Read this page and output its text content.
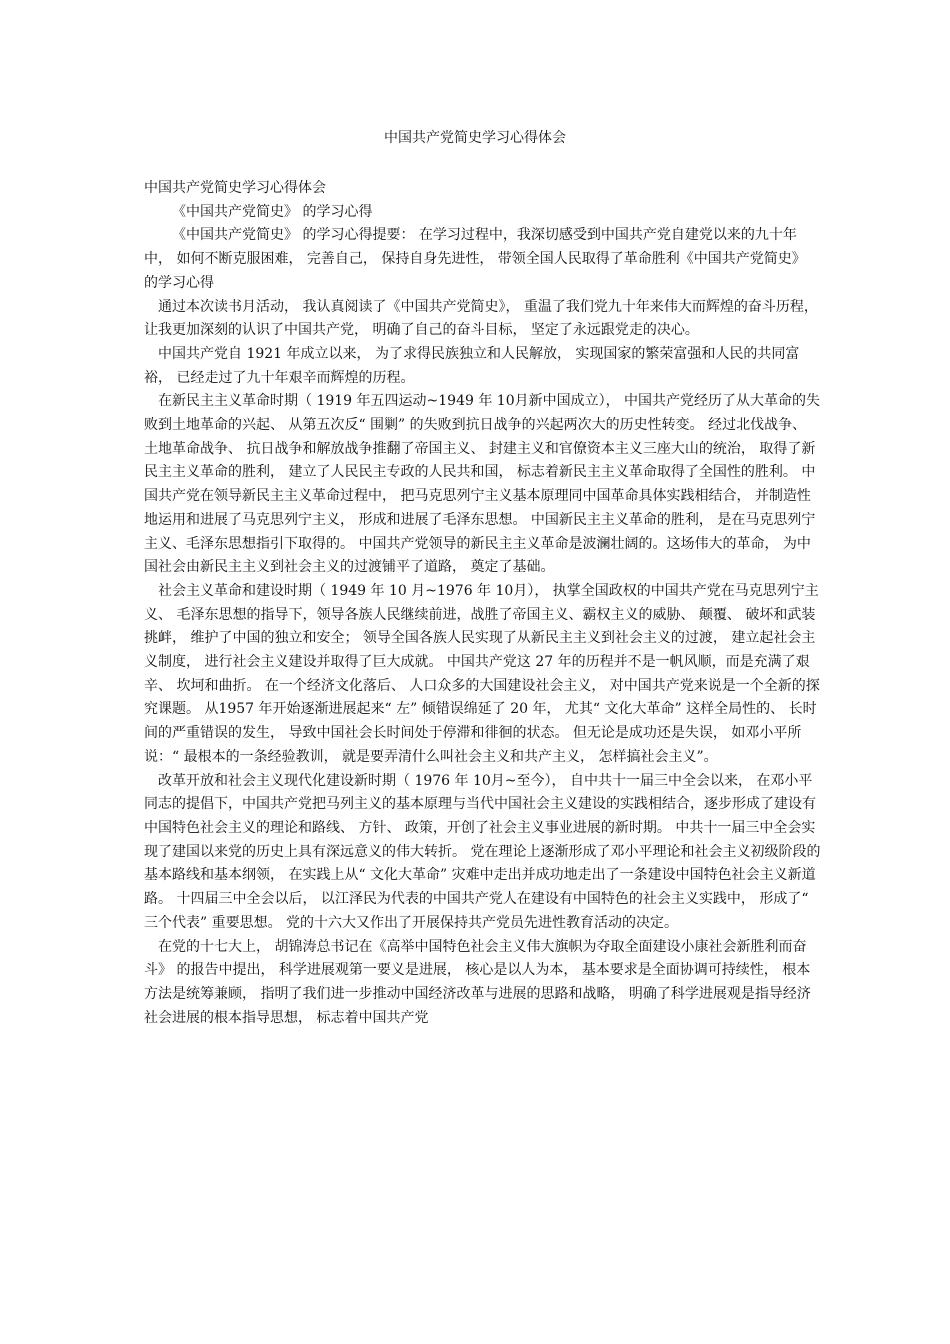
中国共产党简史学习心得体会

中国共产党简史学习心得体会

《中国共产党简史》 的学习心得

《中国共产党简史》 的学习心得提要： 在学习过程中，我深切感受到中国共产党自建党以来的九十年中， 如何不断克服困难， 完善自己， 保持自身先进性， 带领全国人民取得了革命胜利《中国共产党简史》 的学习心得

通过本次读书月活动， 我认真阅读了《中国共产党简史》， 重温了我们党九十年来伟大而辉煌的奋斗历程， 让我更加深刻的认识了中国共产党， 明确了自己的奋斗目标， 坚定了永远跟党走的决心。

中国共产党自 1921 年成立以来， 为了求得民族独立和人民解放， 实现国家的繁荣富强和人民的共同富裕， 已经走过了九十年艰辛而辉煌的历程。

在新民主主义革命时期（ 1919 年五四运动~1949 年 10月新中国成立）， 中国共产党经历了从大革命的失败到土地革命的兴起、 从第五次反“ 围剿” 的失败到抗日战争的兴起两次大的历史性转变。 经过北伐战争、 土地革命战争、 抗日战争和解放战争推翻了帝国主义、 封建主义和官僚资本主义三座大山的统治， 取得了新民主主义革命的胜利， 建立了人民民主专政的人民共和国， 标志着新民主主义革命取得了全国性的胜利。 中国共产党在领导新民主主义革命过程中， 把马克思列宁主义基本原理同中国革命具体实践相结合， 并制造性地运用和进展了马克思列宁主义， 形成和进展了毛泽东思想。 中国新民主主义革命的胜利， 是在马克思列宁主义、毛泽东思想指引下取得的。 中国共产党领导的新民主主义革命是波澜壮阔的。这场伟大的革命， 为中国社会由新民主主义到社会主义的过渡铺平了道路， 奠定了基础。

社会主义革命和建设时期（ 1949 年 10 月~1976 年 10月）， 执掌全国政权的中国共产党在马克思列宁主义、 毛泽东思想的指导下，领导各族人民继续前进，战胜了帝国主义、霸权主义的威胁、 颠覆、 破坏和武装挑衅， 维护了中国的独立和安全； 领导全国各族人民实现了从新民主主义到社会主义的过渡， 建立起社会主义制度， 进行社会主义建设并取得了巨大成就。 中国共产党这 27 年的历程并不是一帆风顺，而是充满了艰辛、 坎坷和曲折。 在一个经济文化落后、 人口众多的大国建设社会主义， 对中国共产党来说是一个全新的探究课题。 从1957 年开始逐渐进展起来“ 左” 倾错误绵延了 20 年， 尤其“ 文化大革命” 这样全局性的、 长时间的严重错误的发生， 导致中国社会长时间处于停滞和徘徊的状态。 但无论是成功还是失误， 如邓小平所说：“ 最根本的一条经验教训， 就是要弄清什么叫社会主义和共产主义， 怎样搞社会主义”。

改革开放和社会主义现代化建设新时期（ 1976 年 10月~至今）， 自中共十一届三中全会以来， 在邓小平同志的提倡下，中国共产党把马列主义的基本原理与当代中国社会主义建设的实践相结合，逐步形成了建设有中国特色社会主义的理论和路线、 方针、 政策，开创了社会主义事业进展的新时期。 中共十一届三中全会实现了建国以来党的历史上具有深远意义的伟大转折。 党在理论上逐渐形成了邓小平理论和社会主义初级阶段的基本路线和基本纲领， 在实践上从“ 文化大革命” 灾难中走出并成功地走出了一条建设中国特色社会主义新道路。 十四届三中全会以后， 以江泽民为代表的中国共产党人在建设有中国特色的社会主义实践中， 形成了“ 三个代表” 重要思想。 党的十六大又作出了开展保持共产党员先进性教育活动的决定。

在党的十七大上， 胡锦涛总书记在《高举中国特色社会主义伟大旗帜为夺取全面建设小康社会新胜利而奋斗》 的报告中提出， 科学进展观第一要义是进展， 核心是以人为本， 基本要求是全面协调可持续性， 根本方法是统筹兼顾， 指明了我们进一步推动中国经济改革与进展的思路和战略， 明确了科学进展观是指导经济社会进展的根本指导思想， 标志着中国共产党
